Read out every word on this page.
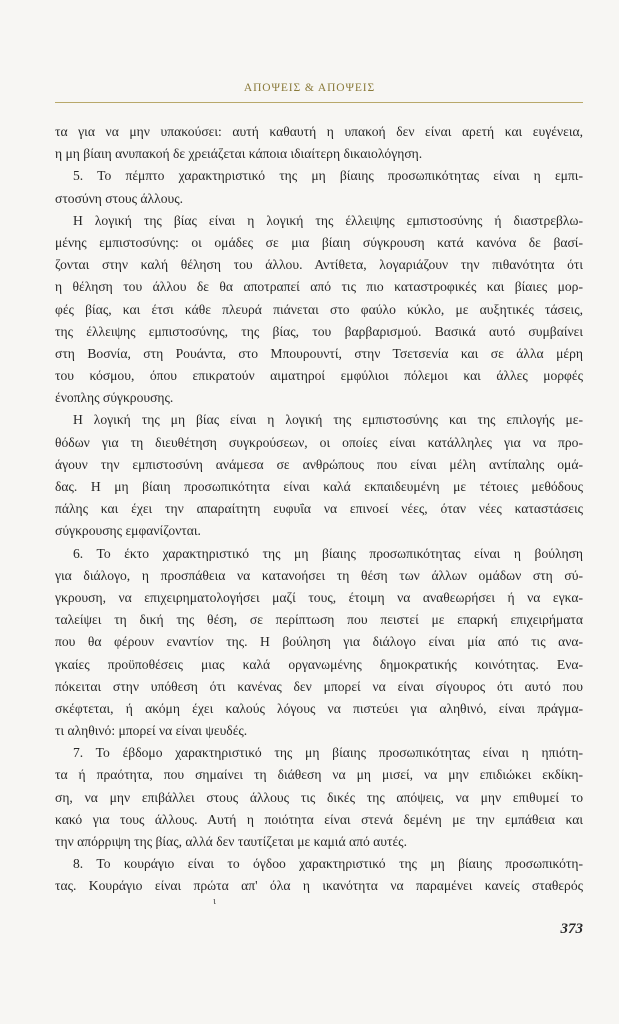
ΑΠΟΨΕΙΣ & ΑΠΟΨΕΙΣ
τα για να μην υπακούσει: αυτή καθαυτή η υπακοή δεν είναι αρετή και ευγένεια,
η μη βίαιη ανυπακοή δε χρειάζεται κάποια ιδιαίτερη δικαιολόγηση.
5. Το πέμπτο χαρακτηριστικό της μη βίαιης προσωπικότητας είναι η εμπι-
στοσύνη στους άλλους.
Η λογική της βίας είναι η λογική της έλλειψης εμπιστοσύνης ή διαστρεβλω-
μένης εμπιστοσύνης: οι ομάδες σε μια βίαιη σύγκρουση κατά κανόνα δε βασί-
ζονται στην καλή θέληση του άλλου. Αντίθετα, λογαριάζουν την πιθανότητα ότι
η θέληση του άλλου δε θα αποτραπεί από τις πιο καταστροφικές και βίαιες μορ-
φές βίας, και έτσι κάθε πλευρά πιάνεται στο φαύλο κύκλο, με αυξητικές τάσεις,
της έλλειψης εμπιστοσύνης, της βίας, του βαρβαρισμού. Βασικά αυτό συμβαίνει
στη Βοσνία, στη Ρουάντα, στο Μπουρουντί, στην Τσετσενία και σε άλλα μέρη
του κόσμου, όπου επικρατούν αιματηροί εμφύλιοι πόλεμοι και άλλες μορφές
ένοπλης σύγκρουσης.
Η λογική της μη βίας είναι η λογική της εμπιστοσύνης και της επιλογής με-
θόδων για τη διευθέτηση συγκρούσεων, οι οποίες είναι κατάλληλες για να προ-
άγουν την εμπιστοσύνη ανάμεσα σε ανθρώπους που είναι μέλη αντίπαλης ομά-
δας. Η μη βίαιη προσωπικότητα είναι καλά εκπαιδευμένη με τέτοιες μεθόδους
πάλης και έχει την απαραίτητη ευφυΐα να επινοεί νέες, όταν νέες καταστάσεις
σύγκρουσης εμφανίζονται.
6. Το έκτο χαρακτηριστικό της μη βίαιης προσωπικότητας είναι η βούληση
για διάλογο, η προσπάθεια να κατανοήσει τη θέση των άλλων ομάδων στη σύ-
γκρουση, να επιχειρηματολογήσει μαζί τους, έτοιμη να αναθεωρήσει ή να εγκα-
ταλείψει τη δική της θέση, σε περίπτωση που πειστεί με επαρκή επιχειρήματα
που θα φέρουν εναντίον της. Η βούληση για διάλογο είναι μία από τις ανα-
γκαίες προϋποθέσεις μιας καλά οργανωμένης δημοκρατικής κοινότητας. Ενα-
πόκειται στην υπόθεση ότι κανένας δεν μπορεί να είναι σίγουρος ότι αυτό που
σκέφτεται, ή ακόμη έχει καλούς λόγους να πιστεύει για αληθινό, είναι πράγμα-
τι αληθινό: μπορεί να είναι ψευδές.
7. Το έβδομο χαρακτηριστικό της μη βίαιης προσωπικότητας είναι η ηπιότη-
τα ή πραότητα, που σημαίνει τη διάθεση να μη μισεί, να μην επιδιώκει εκδίκη-
ση, να μην επιβάλλει στους άλλους τις δικές της απόψεις, να μην επιθυμεί το
κακό για τους άλλους. Αυτή η ποιότητα είναι στενά δεμένη με την εμπάθεια και
την απόρριψη της βίας, αλλά δεν ταυτίζεται με καμιά από αυτές.
8. Το κουράγιο είναι το όγδοο χαρακτηριστικό της μη βίαιης προσωπικότη-
τας. Κουράγιο είναι πρώτα απ' όλα η ικανότητα να παραμένει κανείς σταθερός
ι
373
